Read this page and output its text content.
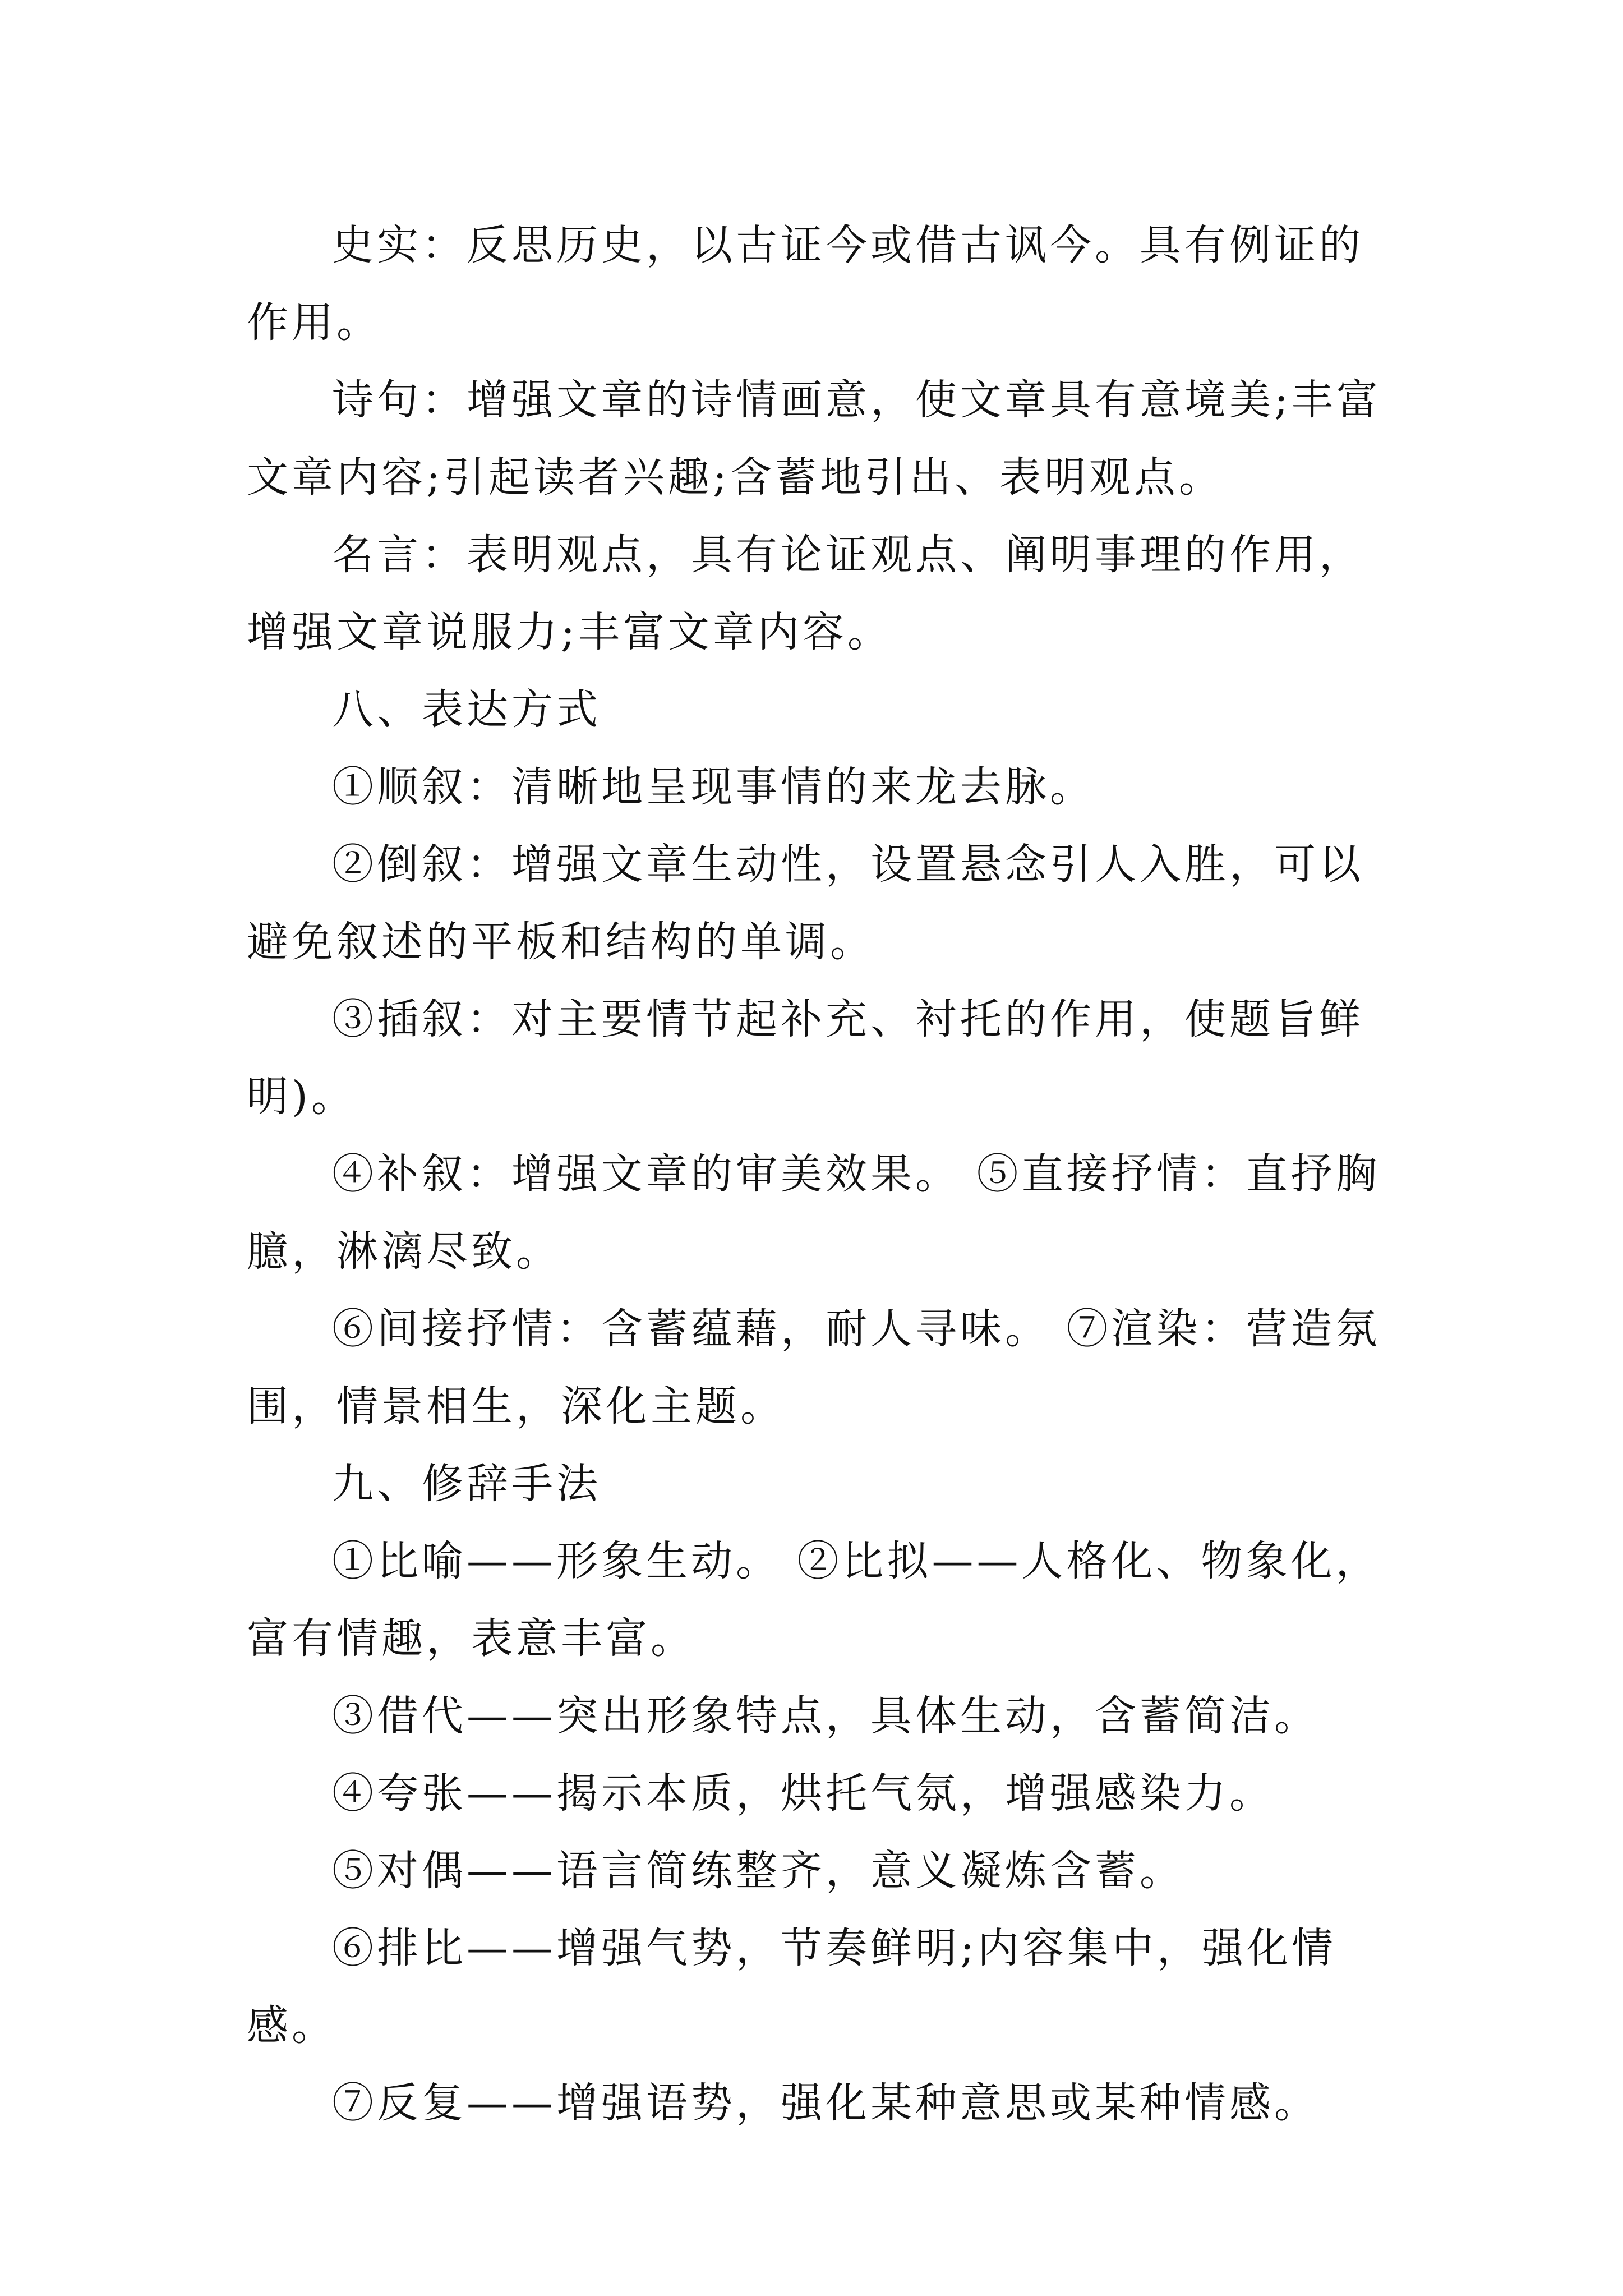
史实：反思历史，以古证今或借古讽今。具有例证的作用。

诗句：增强文章的诗情画意，使文章具有意境美;丰富文章内容;引起读者兴趣;含蓄地引出、表明观点。

名言：表明观点，具有论证观点、阐明事理的作用，增强文章说服力;丰富文章内容。

八、表达方式

①顺叙：清晰地呈现事情的来龙去脉。

②倒叙：增强文章生动性，设置悬念引人入胜，可以避免叙述的平板和结构的单调。

③插叙：对主要情节起补充、衬托的作用，使题旨鲜明)。

④补叙：增强文章的审美效果。 ⑤直接抒情：直抒胸臆，淋漓尽致。

⑥间接抒情：含蓄蕴藉，耐人寻味。 ⑦渲染：营造氛围，情景相生，深化主题。

九、修辞手法

①比喻——形象生动。 ②比拟——人格化、物象化，富有情趣，表意丰富。

③借代——突出形象特点，具体生动，含蓄简洁。

④夸张——揭示本质，烘托气氛，增强感染力。

⑤对偶——语言简练整齐，意义凝炼含蓄。

⑥排比——增强气势，节奏鲜明;内容集中，强化情感。

⑦反复——增强语势，强化某种意思或某种情感。
